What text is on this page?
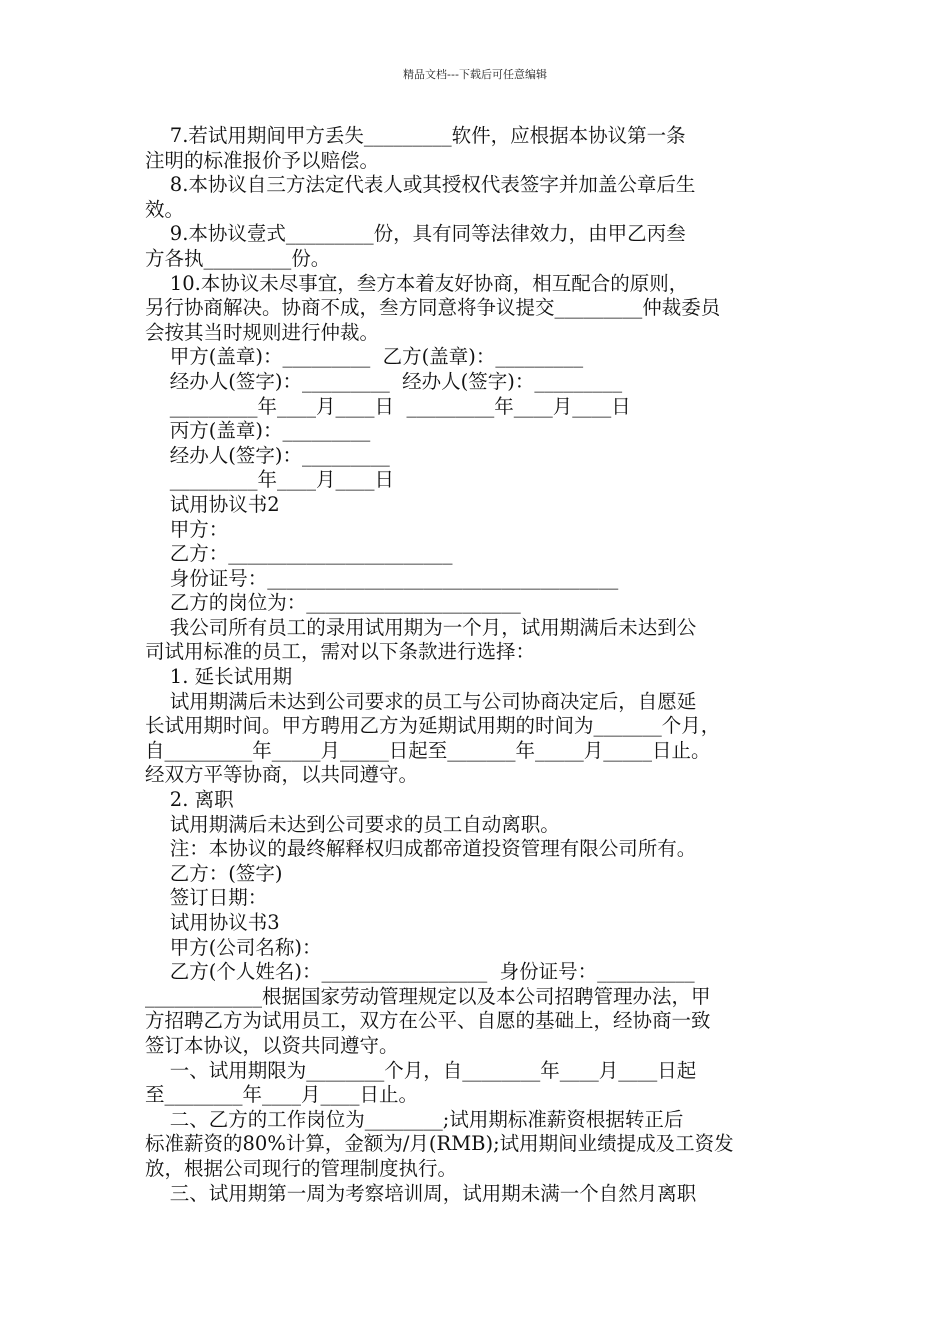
精品文档---下载后可任意编辑
7.若试用期间甲方丢失_________软件，应根据本协议第一条
注明的标准报价予以赔偿。
8.本协议自三方法定代表人或其授权代表签字并加盖公章后生
效。
9.本协议壹式_________份，具有同等法律效力，由甲乙丙叁
方各执_________份。
10.本协议未尽事宜，叁方本着友好协商，相互配合的原则，
另行协商解决。协商不成，叁方同意将争议提交_________仲裁委员
会按其当时规则进行仲裁。
甲方(盖章)：_________  乙方(盖章)：_________
经办人(签字)：_________  经办人(签字)：_________
_________年____月____日  _________年____月____日
丙方(盖章)：_________
经办人(签字)：_________
_________年____月____日
试用协议书2
甲方：
乙方：_______________________
身份证号：____________________________________
乙方的岗位为：______________________
我公司所有员工的录用试用期为一个月，试用期满后未达到公
司试用标准的员工，需对以下条款进行选择：
1. 延长试用期
试用期满后未达到公司要求的员工与公司协商决定后，自愿延
长试用期时间。甲方聘用乙方为延期试用期的时间为_______个月，
自_________年_____月_____日起至_______年_____月_____日止。
经双方平等协商，以共同遵守。
2. 离职
试用期满后未达到公司要求的员工自动离职。
注：本协议的最终解释权归成都帝道投资管理有限公司所有。
乙方：(签字)
签订日期：
试用协议书3
甲方(公司名称)：
乙方(个人姓名)：_________________  身份证号：__________
____________根据国家劳动管理规定以及本公司招聘管理办法，甲
方招聘乙方为试用员工，双方在公平、自愿的基础上，经协商一致
签订本协议，以资共同遵守。
一、试用期限为________个月，自________年____月____日起
至________年____月____日止。
二、乙方的工作岗位为________;试用期标准薪资根据转正后
标准薪资的80%计算，金额为/月(RMB);试用期间业绩提成及工资发
放，根据公司现行的管理制度执行。
三、试用期第一周为考察培训周，试用期未满一个自然月离职
